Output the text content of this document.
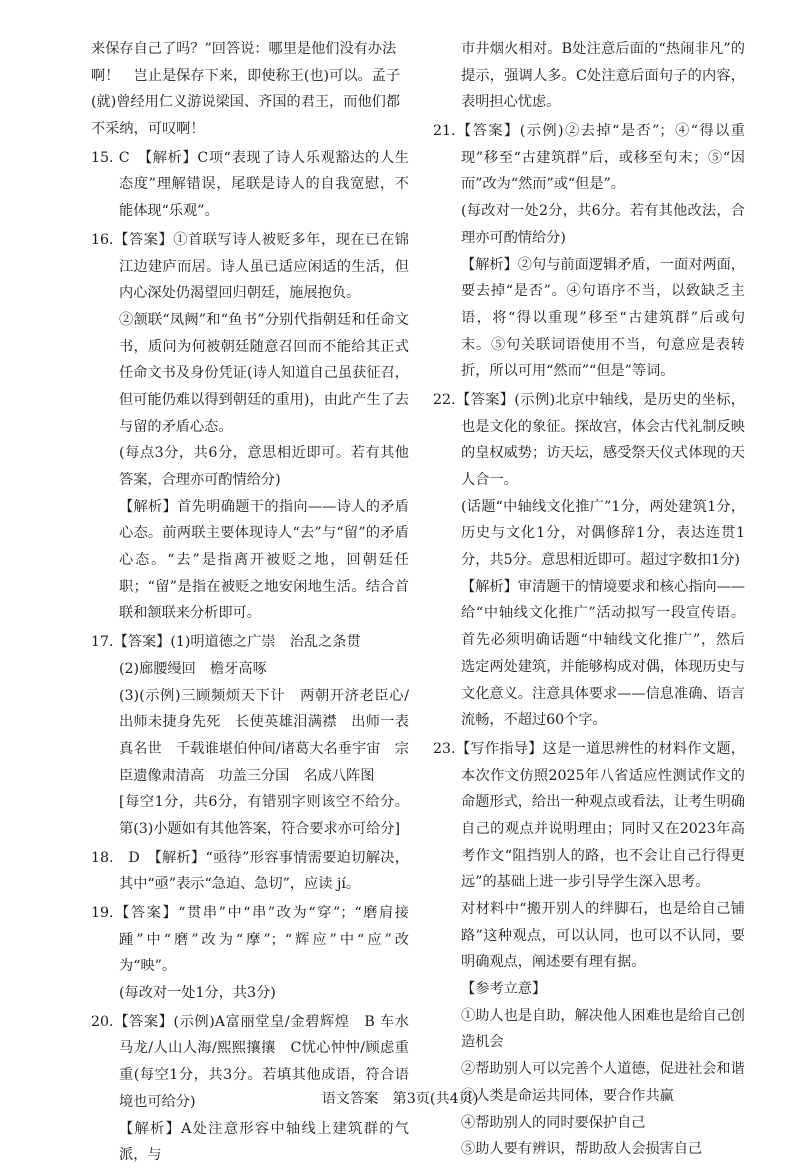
来保存自己了吗？”回答说：哪里是他们没有办法

啊！　岂止是保存下来，即使称王(也)可以。孟子

(就)曾经用仁义游说梁国、齐国的君王，而他们都

不采纳，可叹啊！

15. C　【解析】C项“表现了诗人乐观豁达的人生态度”理解错误，尾联是诗人的自我宽慰，不能体现“乐观”。

16.【答案】①首联写诗人被贬多年，现在已在锦江边建庐而居。诗人虽已适应闲适的生活，但内心深处仍渴望回归朝廷，施展抱负。

②颔联“凤阙”和“鱼书”分别代指朝廷和任命文书，质问为何被朝廷随意召回而不能给其正式任命文书及身份凭证(诗人知道自己虽获征召，但可能仍难以得到朝廷的重用)，由此产生了去与留的矛盾心态。

(每点3分，共6分，意思相近即可。若有其他答案，合理亦可酌情给分)

【解析】首先明确题干的指向——诗人的矛盾心态。前两联主要体现诗人“去”与“留”的矛盾心态。“去”是指离开被贬之地，回朝廷任职；“留”是指在被贬之地安闲地生活。结合首联和颔联来分析即可。

17.【答案】(1)明道德之广崇　治乱之条贯

(2)廊腰缦回　檐牙高啄

(3)(示例)三顾频烦天下计　两朝开济老臣心/出师未捷身先死　长使英雄泪满襟　出师一表真名世　千载谁堪伯仲间/诸葛大名垂宇宙　宗臣遗像肃清高　功盖三分国　名成八阵图

[每空1分，共6分，有错别字则该空不给分。第(3)小题如有其他答案，符合要求亦可给分]

18.　D　【解析】“亟待”形容事情需要迫切解决，其中“亟”表示“急迫、急切”，应读 jí。

19.【答案】“贯串”中“串”改为“穿”；“磨肩接踵”中“磨”改为“摩”；“辉应”中“应”改为“映”。

(每改对一处1分，共3分)

20.【答案】(示例)A富丽堂皇/金碧辉煌　B 车水马龙/人山人海/熙熙攘攘　C忧心忡忡/顾虑重重(每空1分，共3分。若填其他成语，符合语境也可给分)

【解析】A处注意形容中轴线上建筑群的气派，与

市井烟火相对。B处注意后面的“热闹非凡”的提示，强调人多。C处注意后面句子的内容，表明担心忧虑。

21.【答案】(示例)②去掉“是否”；④“得以重现”移至“古建筑群”后，或移至句末；⑤“因而”改为“然而”或“但是”。

(每改对一处2分，共6分。若有其他改法，合理亦可酌情给分)

【解析】②句与前面逻辑矛盾，一面对两面，要去掉“是否”。④句语序不当，以致缺乏主语，将“得以重现”移至“古建筑群”后或句末。⑤句关联词语使用不当，句意应是表转折，所以可用“然而”“但是”等词。

22.【答案】(示例)北京中轴线，是历史的坐标，也是文化的象征。探故宫，体会古代礼制反映的皇权威势；访天坛，感受祭天仪式体现的天人合一。

(话题“中轴线文化推广”1分，两处建筑1分，历史与文化1分，对偶修辞1分，表达连贯1分，共5分。意思相近即可。超过字数扣1分)

【解析】审清题干的情境要求和核心指向——给“中轴线文化推广”活动拟写一段宣传语。首先必须明确话题“中轴线文化推广”，然后选定两处建筑，并能够构成对偶，体现历史与文化意义。注意具体要求——信息准确、语言流畅，不超过60个字。

23.【写作指导】这是一道思辨性的材料作文题，本次作文仿照2025年八省适应性测试作文的命题形式，给出一种观点或看法，让考生明确自己的观点并说明理由；同时又在2023年高考作文“阻挡别人的路，也不会让自己行得更远”的基础上进一步引导学生深入思考。

对材料中“搬开别人的绊脚石，也是给自己铺路”这种观点，可以认同，也可以不认同，要明确观点，阐述要有理有据。

【参考立意】

①助人也是自助，解决他人困难也是给自己创造机会

②帮助别人可以完善个人道德，促进社会和谐

③人类是命运共同体，要合作共赢

④帮助别人的同时要保护自己

⑤助人要有辨识，帮助敌人会损害自己

语文答案　第3页(共4页)
